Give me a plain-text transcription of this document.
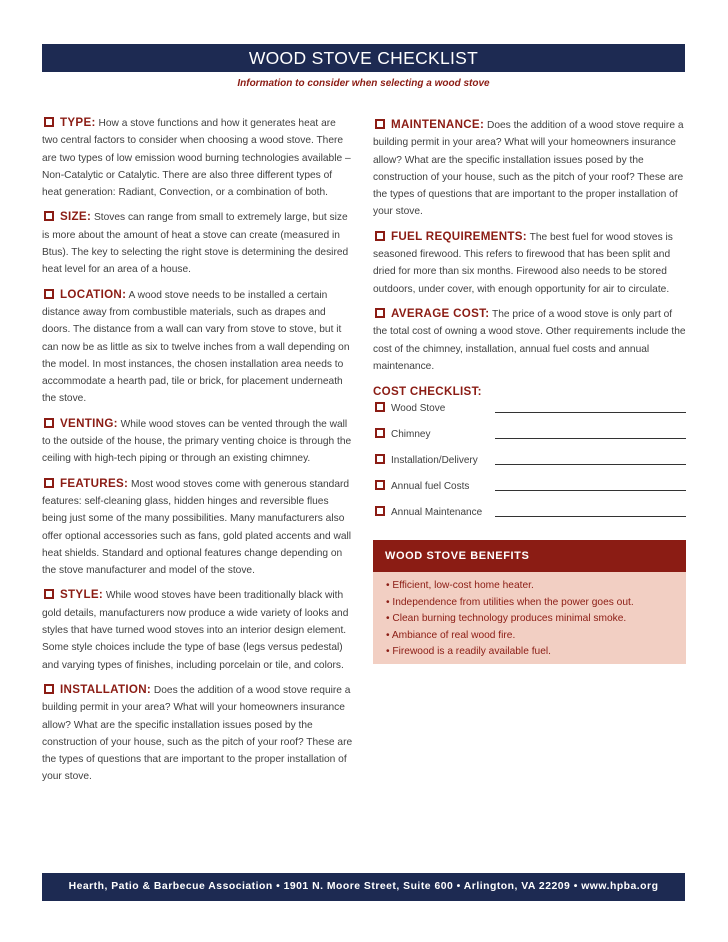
WOOD STOVE CHECKLIST
Information to consider when selecting a wood stove

TYPE: How a stove functions and how it generates heat are two central factors to consider when choosing a wood stove. There are two types of low emission wood burning technologies available – Non-Catalytic or Catalytic. There are also three different types of heat generation: Radiant, Convection, or a combination of both.

SIZE: Stoves can range from small to extremely large, but size is more about the amount of heat a stove can create (measured in Btus). The key to selecting the right stove is determining the desired heat level for an area of a house.

LOCATION: A wood stove needs to be installed a certain distance away from combustible materials, such as drapes and doors. The distance from a wall can vary from stove to stove, but it can now be as little as six to twelve inches from a wall depending on the model. In most instances, the chosen installation area needs to accommodate a hearth pad, tile or brick, for placement underneath the stove.

VENTING: While wood stoves can be vented through the wall to the outside of the house, the primary venting choice is through the ceiling with high-tech piping or through an existing chimney.

FEATURES: Most wood stoves come with generous standard features: self-cleaning glass, hidden hinges and reversible flues being just some of the many possibilities. Many manufacturers also offer optional accessories such as fans, gold plated accents and wall heat shields. Standard and optional features change depending on the stove manufacturer and model of the stove.

STYLE: While wood stoves have been traditionally black with gold details, manufacturers now produce a wide variety of looks and styles that have turned wood stoves into an interior design element. Some style choices include the type of base (legs versus pedestal) and varying types of finishes, including porcelain or tile, and colors.

INSTALLATION: Does the addition of a wood stove require a building permit in your area? What will your homeowners insurance allow? What are the specific installation issues posed by the construction of your house, such as the pitch of your roof? These are the types of questions that are important to the proper installation of your stove.

MAINTENANCE: Does the addition of a wood stove require a building permit in your area? What will your homeowners insurance allow? What are the specific installation issues posed by the construction of your house, such as the pitch of your roof? These are the types of questions that are important to the proper installation of your stove.

FUEL REQUIREMENTS: The best fuel for wood stoves is seasoned firewood. This refers to firewood that has been split and dried for more than six months. Firewood also needs to be stored outdoors, under cover, with enough opportunity for air to circulate.

AVERAGE COST: The price of a wood stove is only part of the total cost of owning a wood stove. Other requirements include the cost of the chimney, installation, annual fuel costs and annual maintenance.

COST CHECKLIST:
Wood Stove
Chimney
Installation/Delivery
Annual fuel Costs
Annual Maintenance
WOOD STOVE BENEFITS
• Efficient, low-cost home heater.
• Independence from utilities when the power goes out.
• Clean burning technology produces minimal smoke.
• Ambiance of real wood fire.
• Firewood is a readily available fuel.
Hearth, Patio & Barbecue Association • 1901 N. Moore Street, Suite 600 • Arlington, VA 22209 • www.hpba.org
